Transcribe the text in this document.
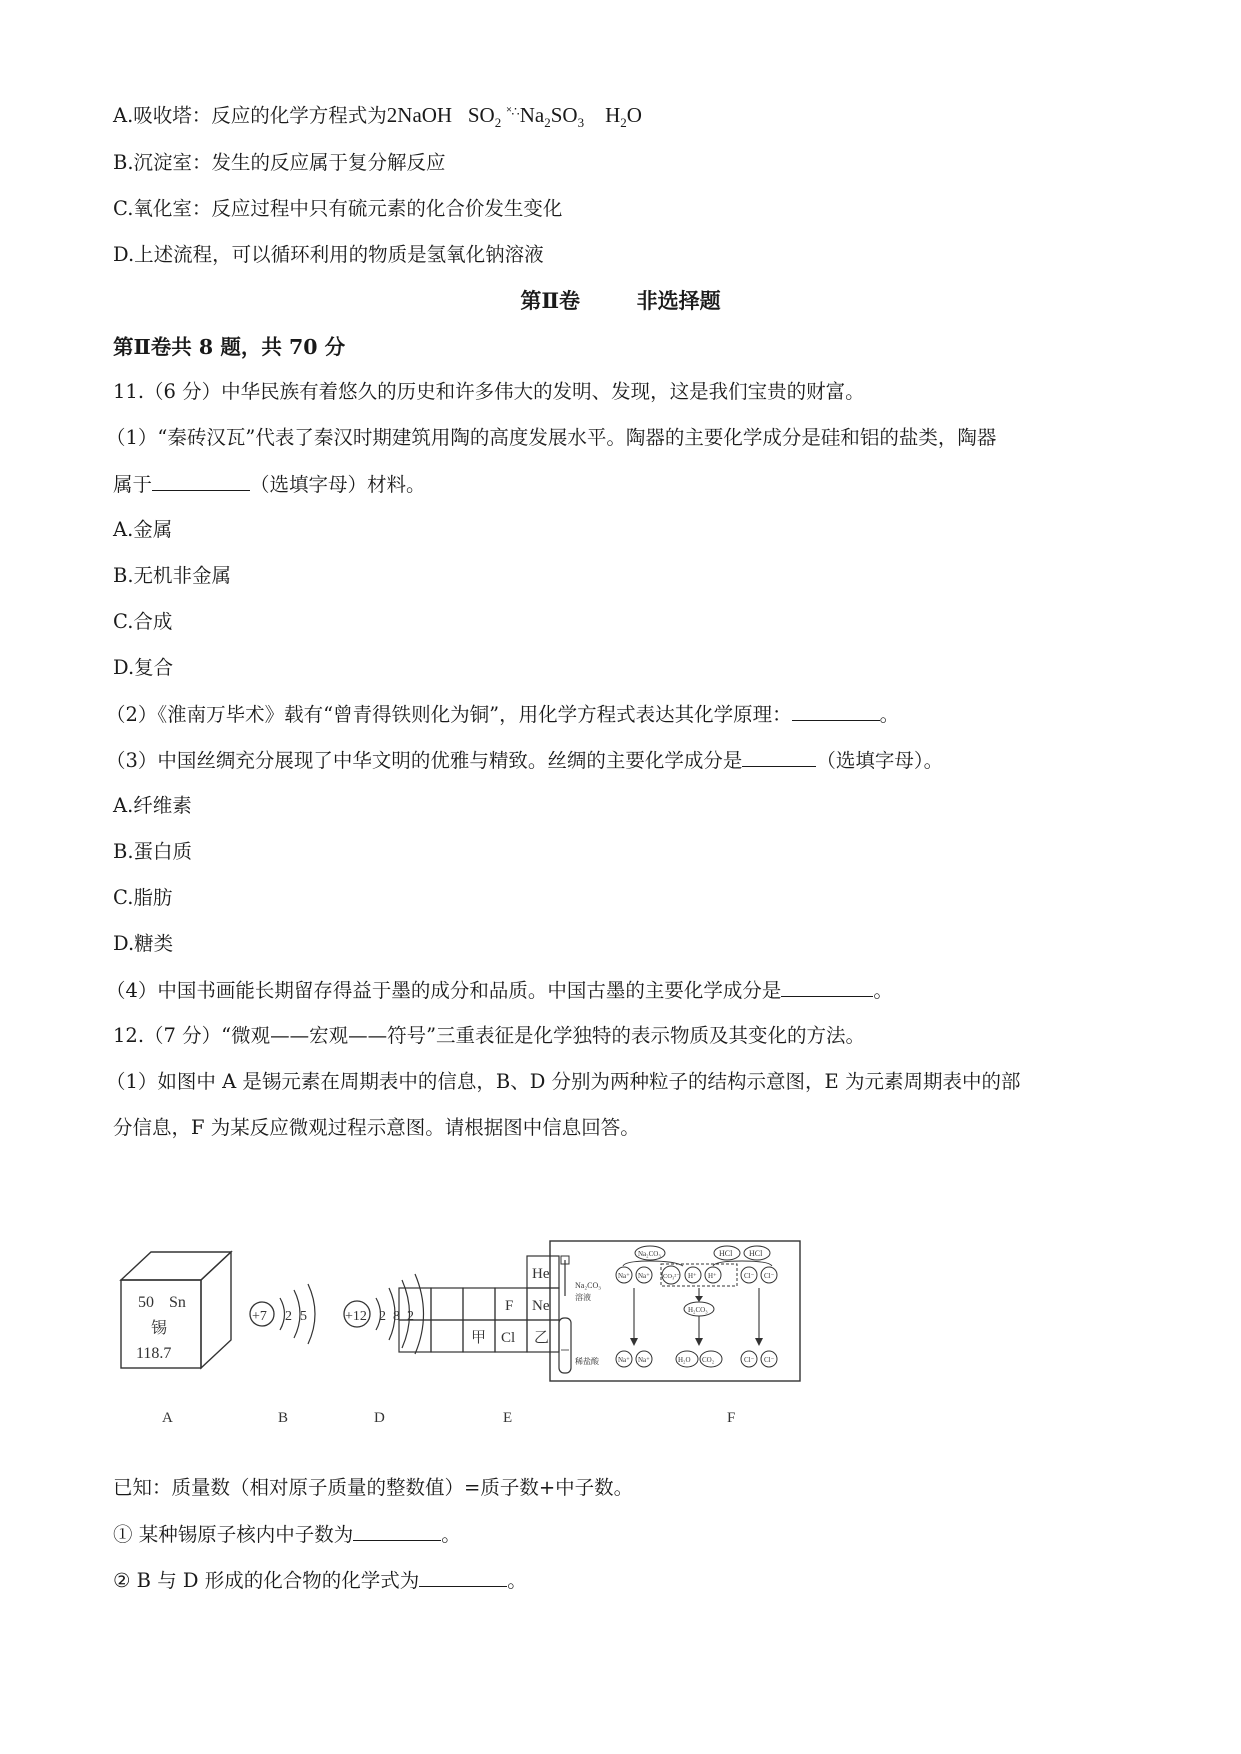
A.吸收塔：反应的化学方程式为2NaOH $SO_2$ $^{˟\therefore}Na_2SO_3$ $H_2O$
B.沉淀室：发生的反应属于复分解反应
C.氧化室：反应过程中只有硫元素的化合价发生变化
D.上述流程，可以循环利用的物质是氢氧化钠溶液
第Ⅱ卷	非选择题
第Ⅱ卷共 8 题，共 70 分
11.（6 分）中华民族有着悠久的历史和许多伟大的发明、发现，这是我们宝贵的财富。
（1）“秦砖汉瓦”代表了秦汉时期建筑用陶的高度发展水平。陶器的主要化学成分是硅和铝的盐类，陶器
属于	（选填字母）材料。
A.金属
B.无机非金属
C.合成
D.复合
（2）《淮南万毕术》载有“曾青得铁则化为铜”，用化学方程式表达其化学原理：	。
（3）中国丝绸充分展现了中华文明的优雅与精致。丝绸的主要化学成分是	（选填字母）。
A.纤维素
B.蛋白质
C.脂肪
D.糖类
（4）中国书画能长期留存得益于墨的成分和品质。中国古墨的主要化学成分是	。
12.（7 分）“微观——宏观——符号”三重表征是化学独特的表示物质及其变化的方法。
（1）如图中 A 是锡元素在周期表中的信息，B、D 分别为两种粒子的结构示意图，E 为元素周期表中的部
分信息，F 为某反应微观过程示意图。请根据图中信息回答。
50 Sn
锡
118.7
+7 2 5	+12 2 8 2
He
F Ne
甲 Cl 乙
Na₂CO₃
溶液
稀盐酸
Na₂CO₃	HCl HCl
Na⁺ Na⁺ CO₃²⁻ H⁺ H⁺	Cl⁻ Cl⁻
H₂CO₃
Na⁺ Na⁺	H₂O CO₂	Cl⁻ Cl⁻
A	B	D	E	F
已知：质量数（相对原子质量的整数值）=质子数+中子数。
① 某种锡原子核内中子数为	。
② B 与 D 形成的化合物的化学式为	。
